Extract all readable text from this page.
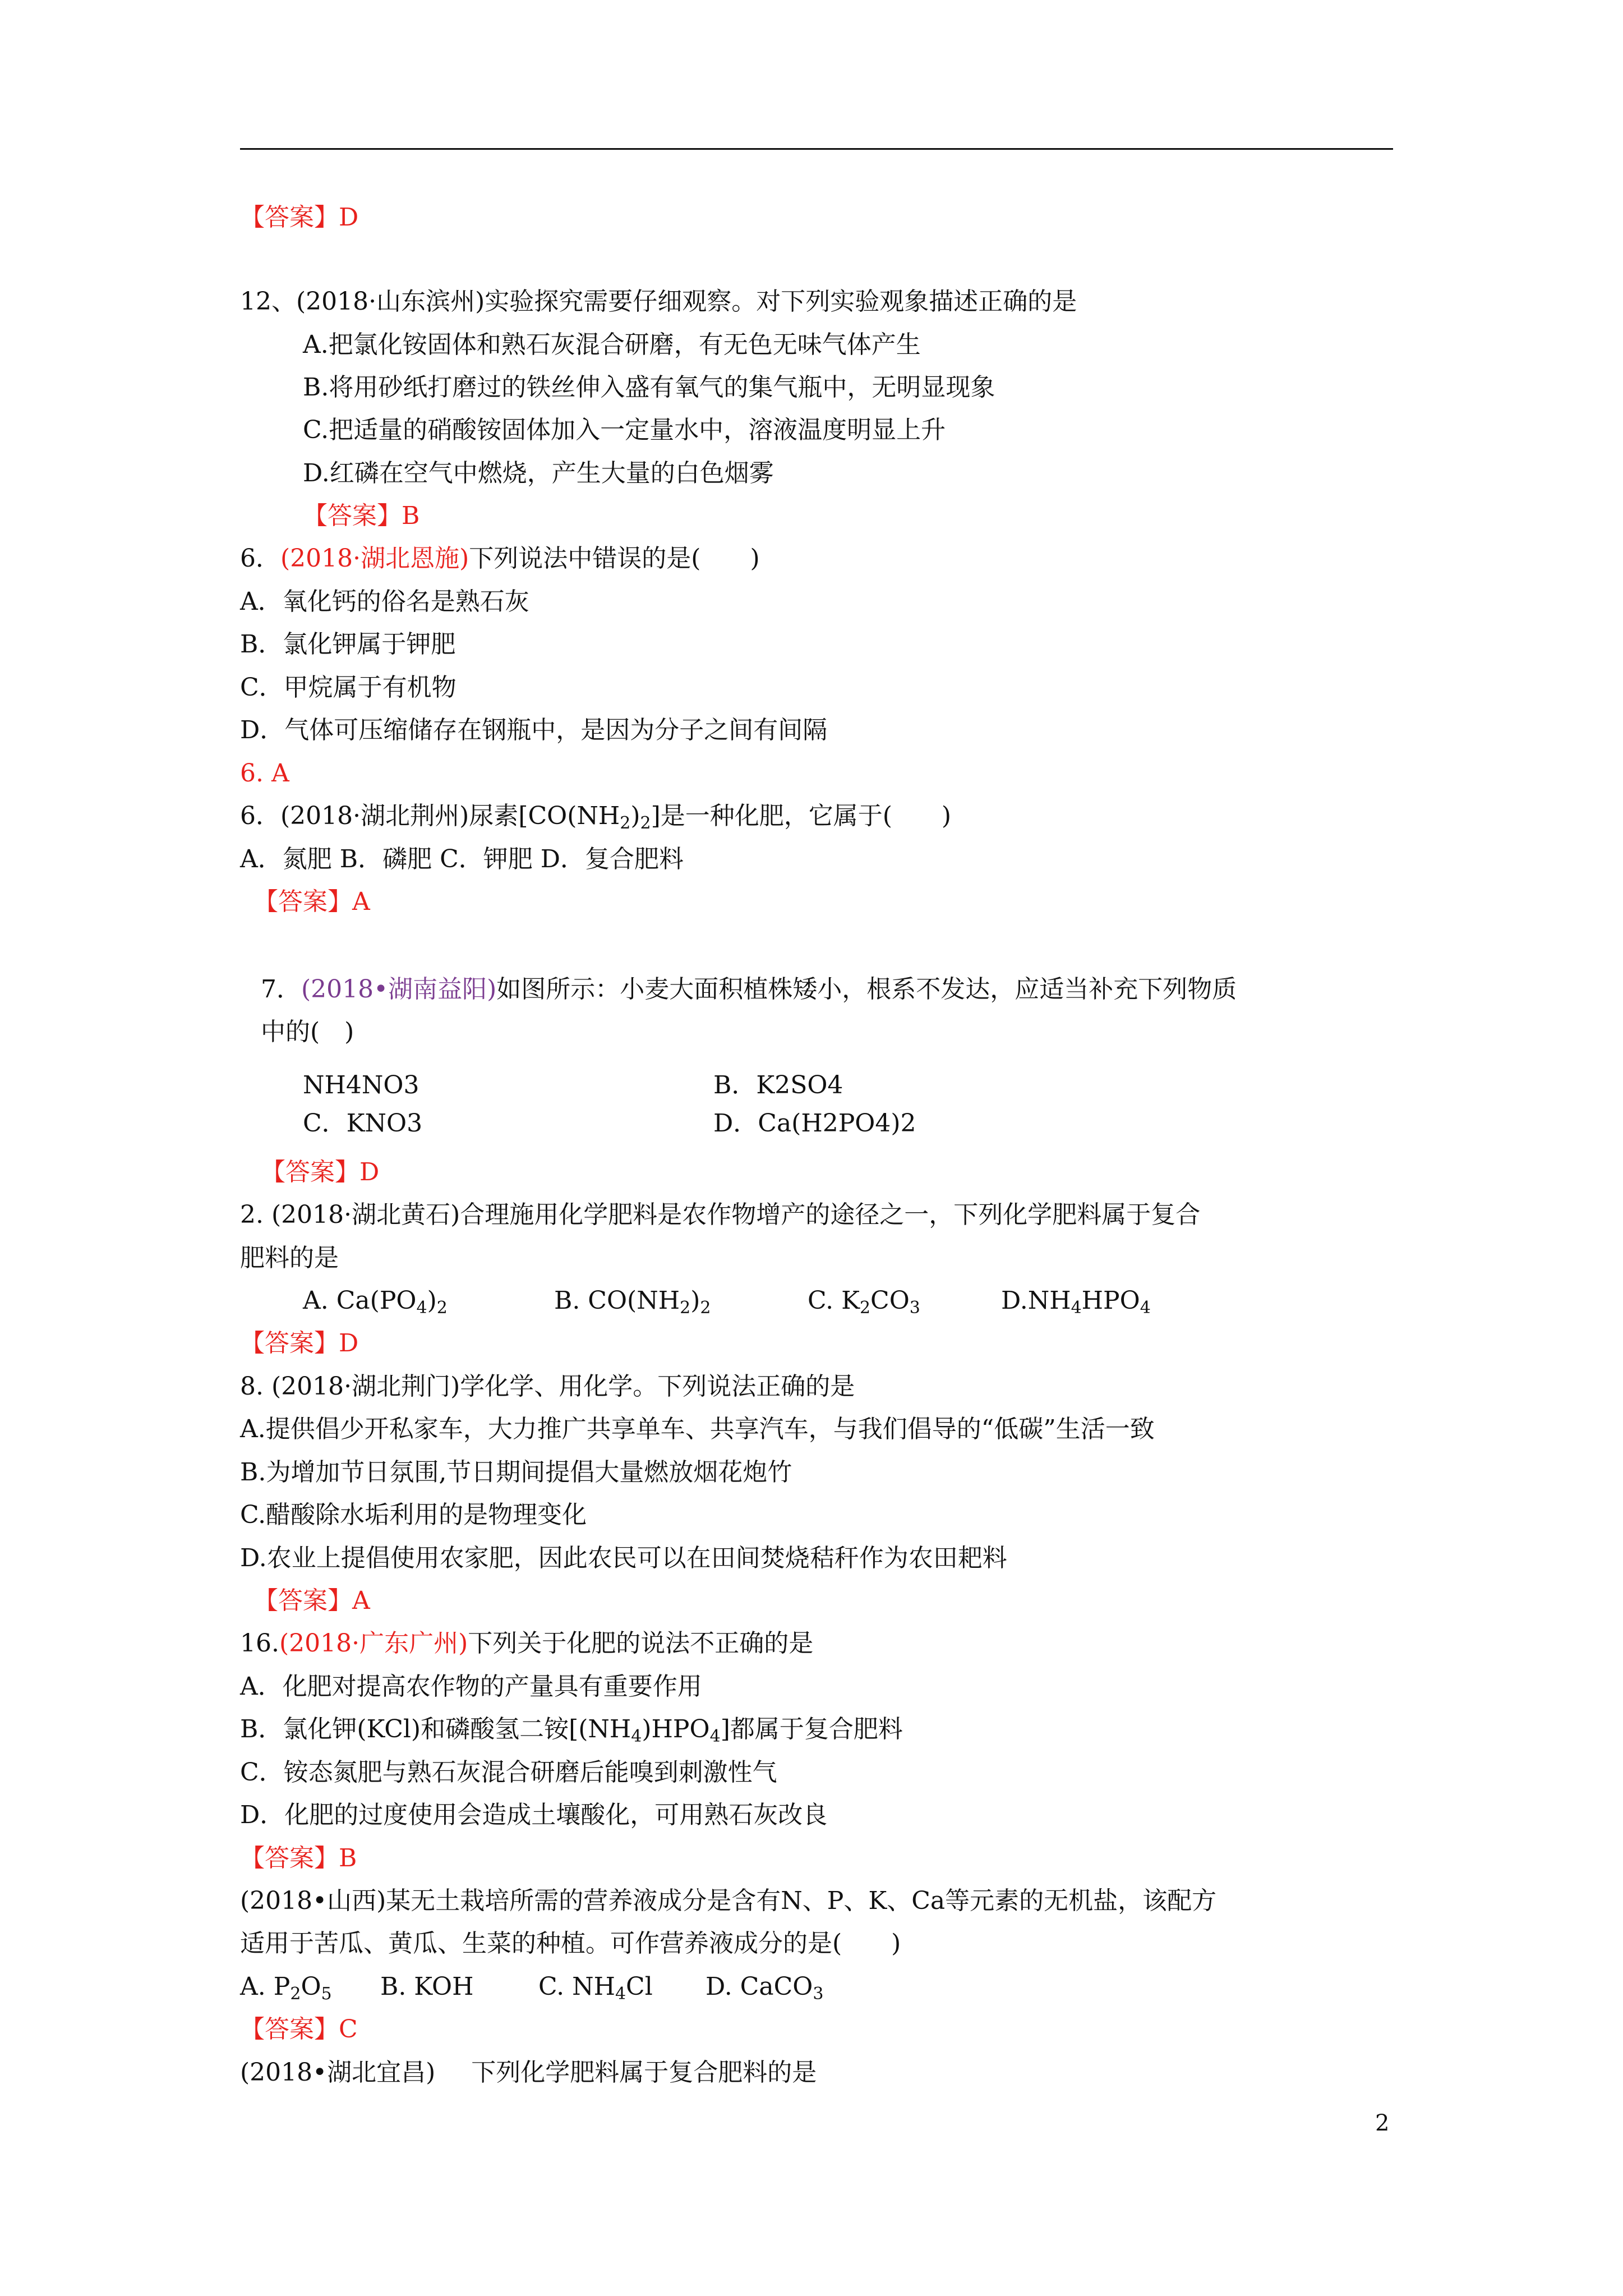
【答案】D
12、(2018·山东滨州)实验探究需要仔细观察。对下列实验观象描述正确的是
A.把氯化铵固体和熟石灰混合研磨，有无色无味气体产生
B.将用砂纸打磨过的铁丝伸入盛有氧气的集气瓶中，无明显现象
C.把适量的硝酸铵固体加入一定量水中，溶液温度明显上升
D.红磷在空气中燃烧，产生大量的白色烟雾
【答案】B
6．(2018·湖北恩施)下列说法中错误的是(　　)
A．氧化钙的俗名是熟石灰
B．氯化钾属于钾肥
C．甲烷属于有机物
D．气体可压缩储存在钢瓶中，是因为分子之间有间隔
6. A
6．(2018·湖北荆州)尿素$[CO(NH_2)_2]$是一种化肥，它属于(　　)
A．氮肥 B．磷肥 C．钾肥 D．复合肥料
【答案】A
7．(2018•湖南益阳)如图所示：小麦大面积植株矮小，根系不发达，应适当补充下列物质
中的(　)
NH4NO3	B．K2SO4
C．KNO3	D．Ca(H2PO4)2
【答案】D
2. (2018·湖北黄石)合理施用化学肥料是农作物增产的途径之一，下列化学肥料属于复合
肥料的是
A. $Ca(PO_4)_2$	B. $CO(NH_2)_2$	C. $K_2CO_3$	$D.NH_4HPO_4$
【答案】D
8. (2018·湖北荆门)学化学、用化学。下列说法正确的是
A.提供倡少开私家车，大力推广共享单车、共享汽车，与我们倡导的“低碳”生活一致
B.为增加节日氛围,节日期间提倡大量燃放烟花炮竹
C.醋酸除水垢利用的是物理变化
D.农业上提倡使用农家肥，因此农民可以在田间焚烧秸秆作为农田耙料
【答案】A
16.(2018·广东广州)下列关于化肥的说法不正确的是
A．化肥对提高农作物的产量具有重要作用
B．氯化钾(KCl)和磷酸氢二铵$[(NH_4)HPO_4]$都属于复合肥料
C．铵态氮肥与熟石灰混合研磨后能嗅到刺激性气
D．化肥的过度使用会造成土壤酸化，可用熟石灰改良
【答案】B
(2018•山西)某无土栽培所需的营养液成分是含有N、P、K、Ca等元素的无机盐，该配方
适用于苦瓜、黄瓜、生菜的种植。可作营养液成分的是(　　)
A. $P_2O_5$ B. KOH	C. $NH_4Cl$ D. CaCO$_3$
【答案】C
(2018•湖北宜昌) 下列化学肥料属于复合肥料的是
2
